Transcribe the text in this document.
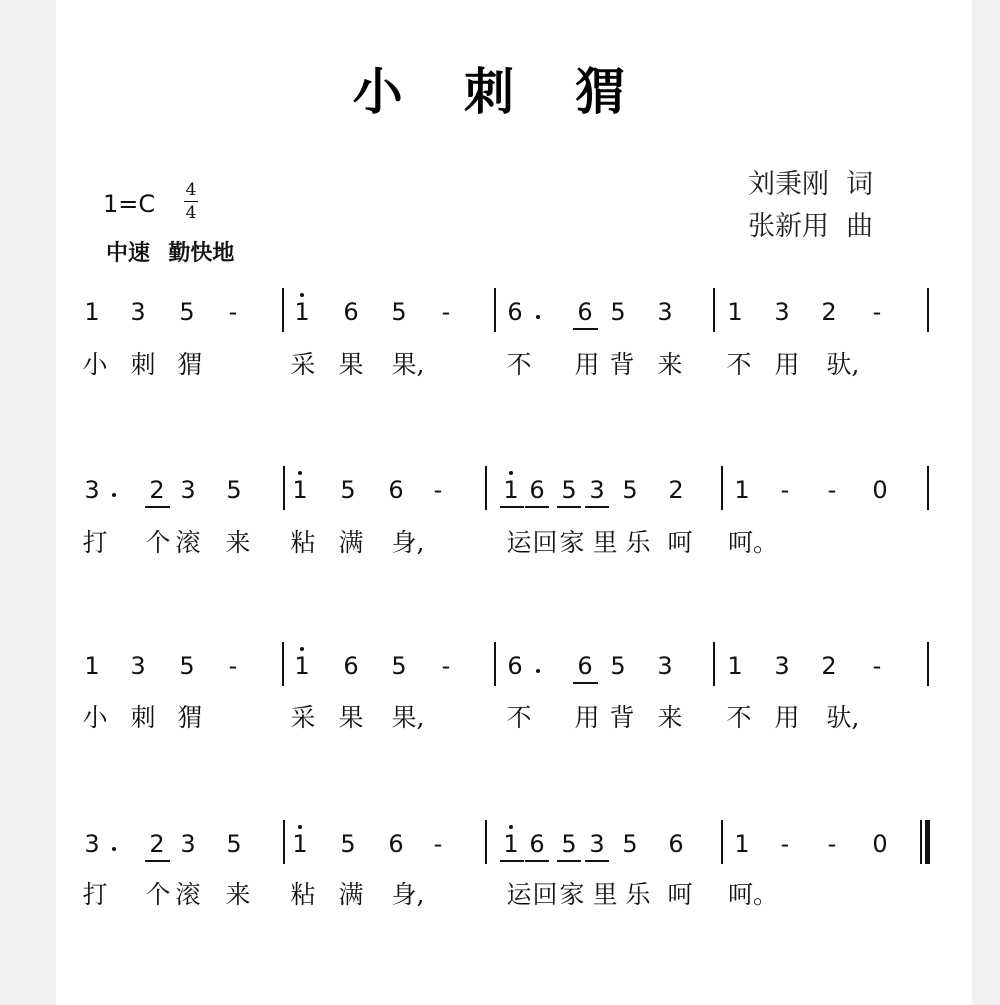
小 刺 猬
刘秉刚  词
张新用  曲
1=C 4
4
中速   勤快地
1 3 5 - 1 6 5 - 6 6 5 3 1 3 2 -
小 刺 猬	采 果 果,	不 用 背 来 不 用 驮,
3 2 3 5 1 5 6 -	1 6 5 3 5 2 1 - - 0
打 个 滚 来 粘 满 身,	运 回 家 里 乐 呵 呵。
1 3 5 - 1 6 5 - 6 6 5 3 1 3 2 -
小 刺 猬	采 果 果,	不 用 背 来 不 用 驮,
3 2 3 5 1 5 6 -	1 6 5 3 5 6 1 - - 0
打 个 滚 来 粘 满 身,	运 回 家 里 乐 呵 呵。
